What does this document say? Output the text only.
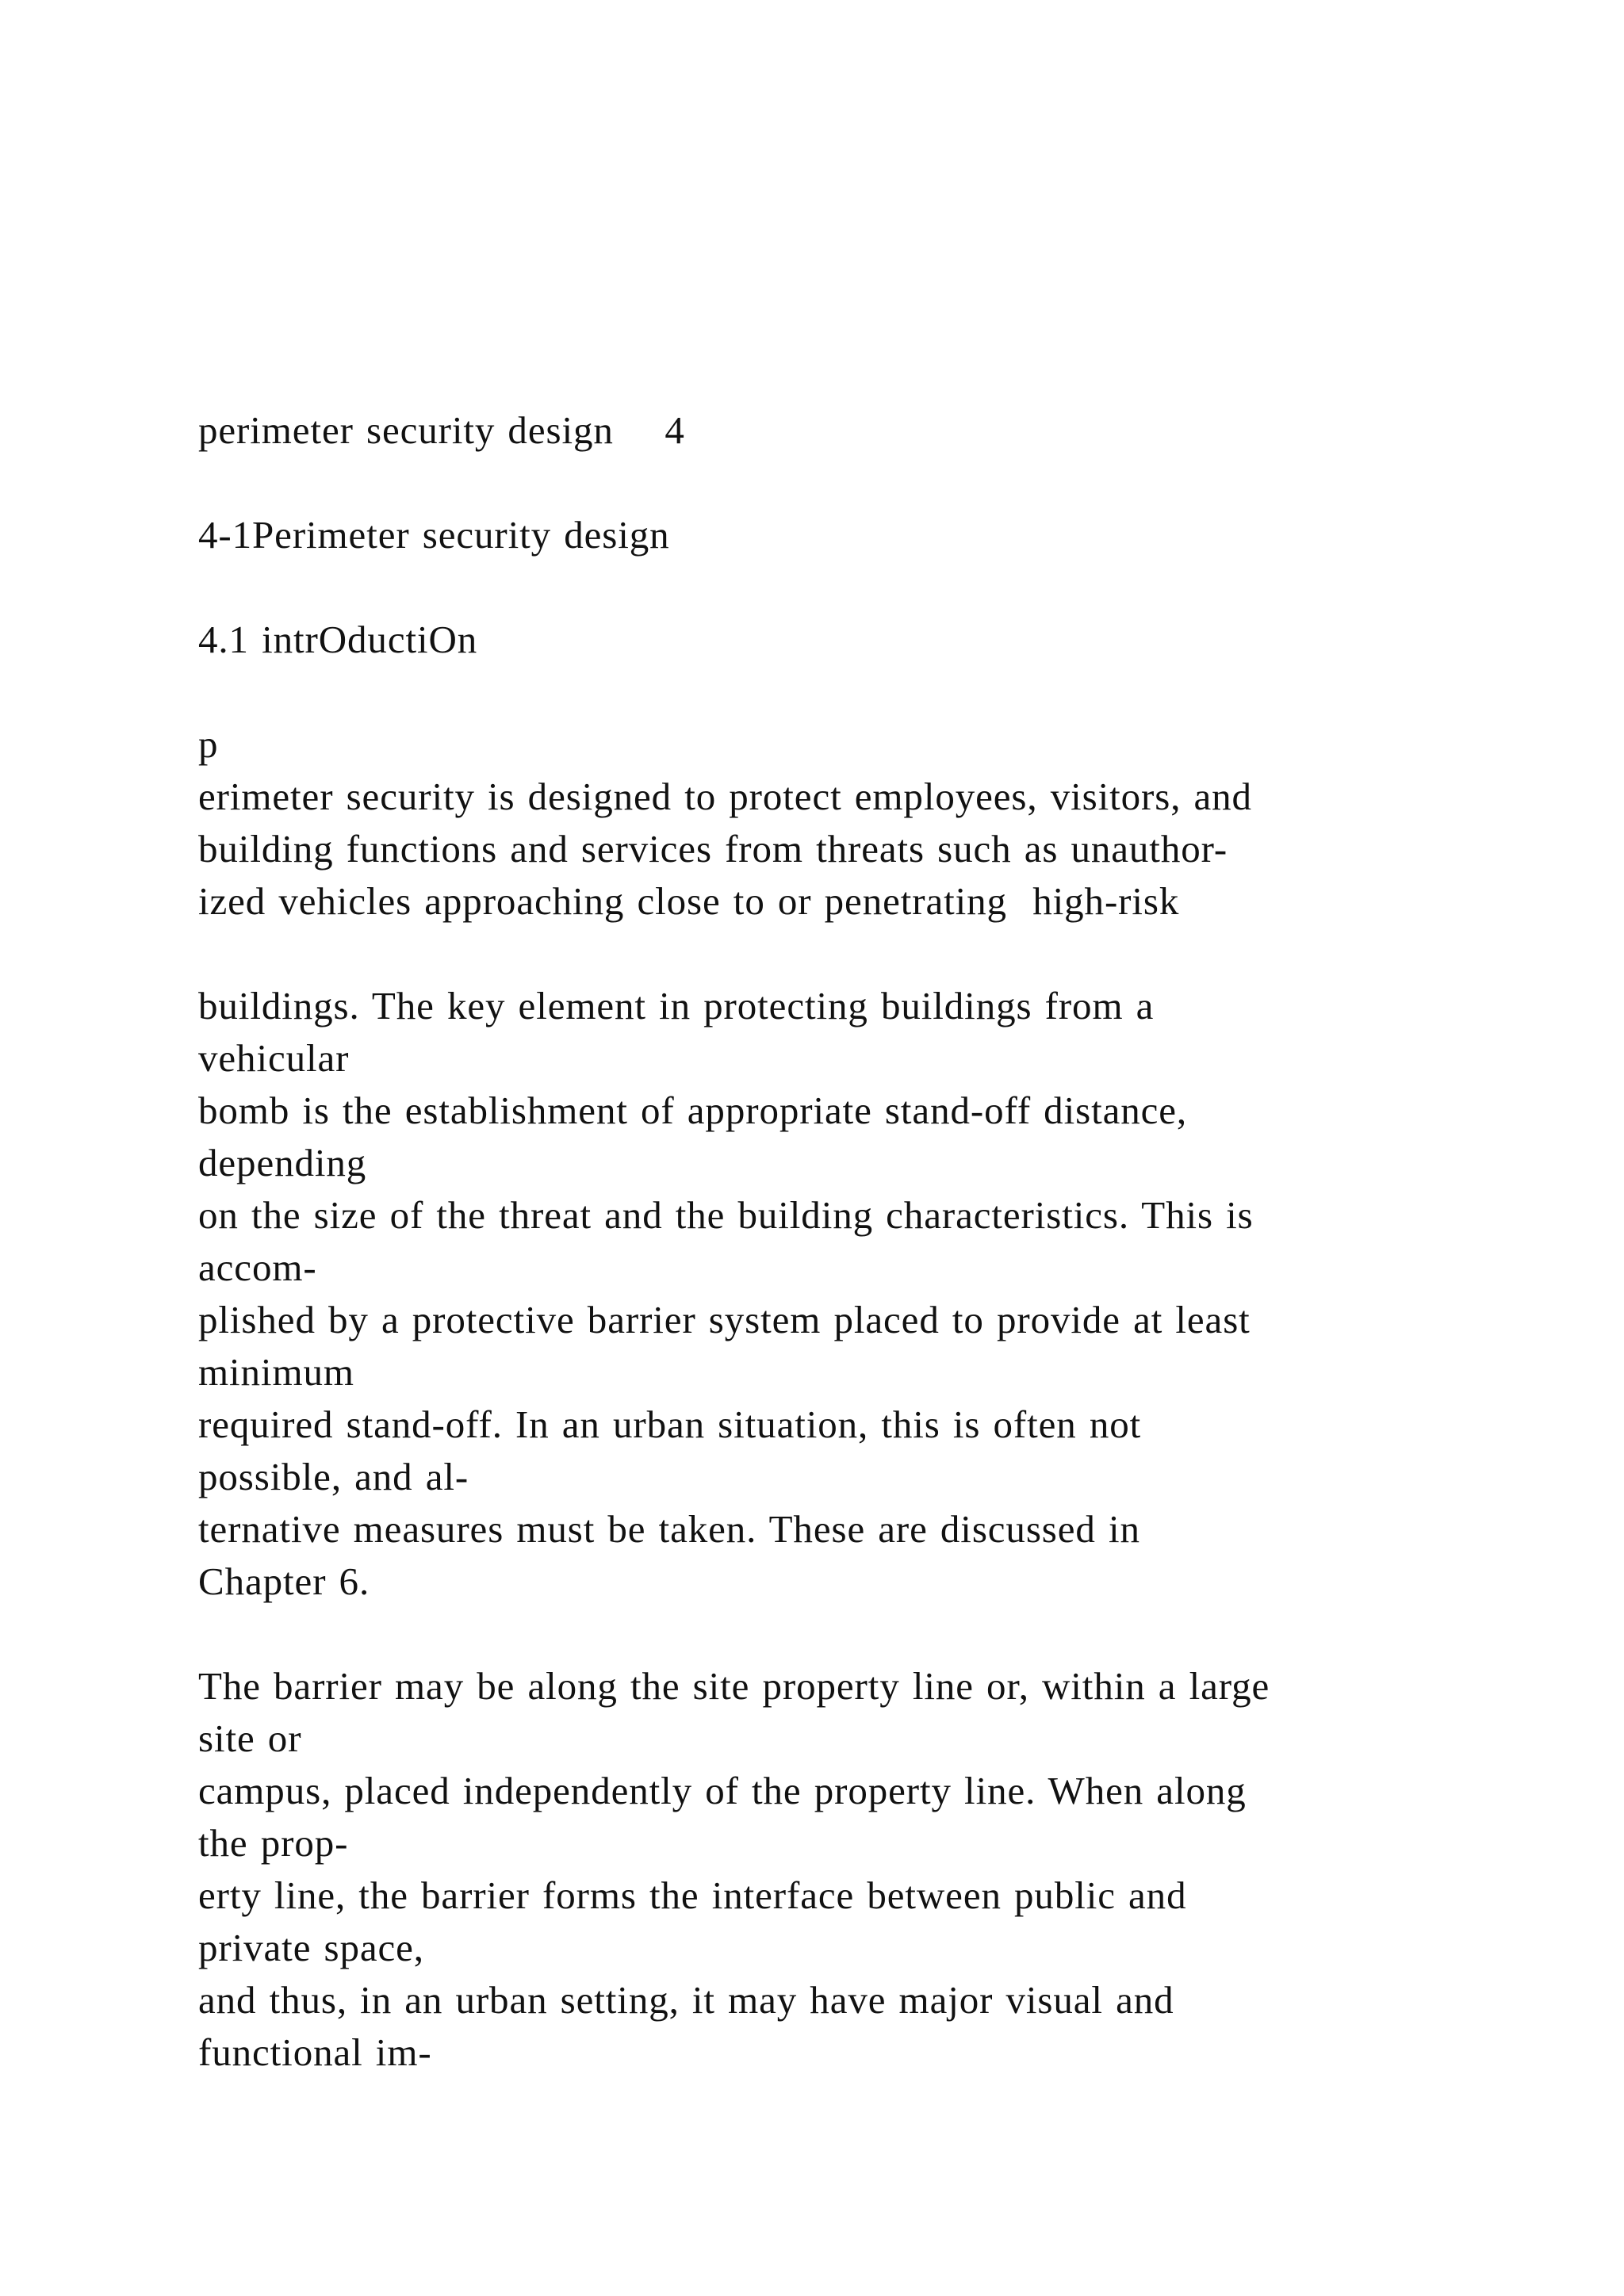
perimeter security design 4

4-1Perimeter security design

4.1 intrOductiOn

p

erimeter security is designed to protect employees, visitors, and

building functions and services from threats such as unauthor-

ized vehicles approaching close to or penetrating  high-risk

buildings. The key element in protecting buildings from a

vehicular

bomb is the establishment of appropriate stand-off distance,

depending

on the size of the threat and the building characteristics. This is

accom-

plished by a protective barrier system placed to provide at least

minimum

required stand-off. In an urban situation, this is often not

possible, and al-

ternative measures must be taken. These are discussed in

Chapter 6.

The barrier may be along the site property line or, within a large

site or

campus, placed independently of the property line. When along

the prop-

erty line, the barrier forms the interface between public and

private space,

and thus, in an urban setting, it may have major visual and

functional im-
